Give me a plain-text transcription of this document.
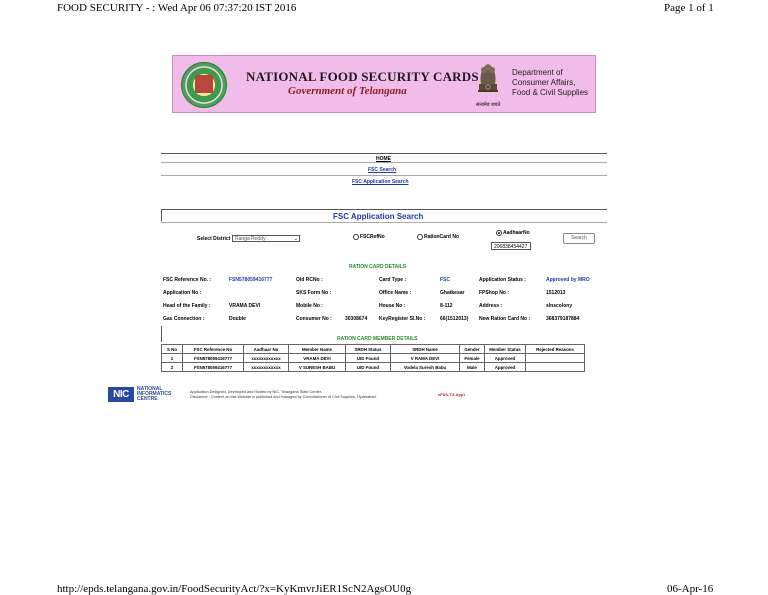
FOOD SECURITY - : Wed Apr 06 07:37:20 IST 2016	Page 1 of 1
http://epds.telangana.gov.in/FoodSecurityAct/?x=KyKmvrJiER1ScN2AgsOU0g	06-Apr-16
NATIONAL FOOD SECURITY CARDS
Government of Telangana
सत्यमेव जयते
Department of
Consumer Affairs,
Food & Civil Supplies
HOME
FSC Search
FSC Application Search
FSC Application Search
Select District Ranga Reddy	⌄	FSCRefNo	RationCard No
AadhaarNo
206838454427
Search
RATION CARD DETAILS
FSC Reference No. :	FSN578059416777	Old RCNo :	Card Type :	FSC	Application Status :	Approved by MRO
Application No :	SKS Form No :	Office Name :	Ghatkesar	FPShop No :	1512013
Head of the Family :	VRAMA DEVI	Mobile No :	House No :	8-112	Address :	slnscolony
Gas Connection :	Double	Consumer No :	30308674 KeyRegister Sl.No :	66(1512013) New Ration Card No :	368379187884
RATION CARD MEMBER DETAILS
S No	FSC Reference No	Aadhaar No	Member Name	SRDH Status	SRDH Name	Gender	Member Status	Rejected Reasons
1	FSN578059416777	xxxxxxxxxxxx	VRAMA DEVI	UID Found	V RAMA DEVI	Female	Approved	
2	FSN578059416777	xxxxxxxxxxxx	V SURESH BABU	UID Found	Vodela Suresh Babu	Male	Approved	
NIC	NATIONAL
INFORMATICS
CENTRE
Application Designed, Developed and Hosted by NIC, Telangana State Center.
Disclaimer : Content on this Website is published and managed by Commissioner of Civil Supplies, Hyderabad.	ePDS-TG-App1
